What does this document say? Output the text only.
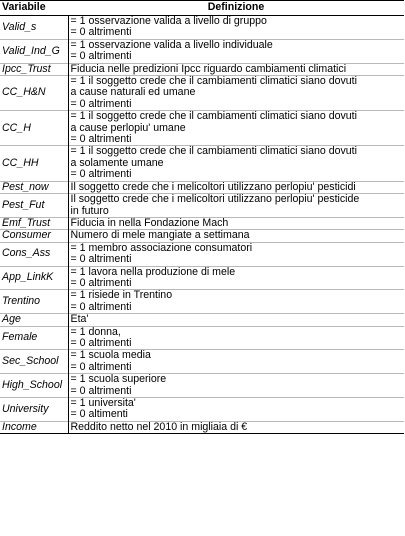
Variabile	Definizione
Valid_s	= 1 osservazione valida a livello di gruppo
= 0 altrimenti

Valid_Ind_G	= 1 osservazione valida a livello individuale
= 0 altrimenti

Ipcc_Trust	Fiducia nelle predizioni Ipcc riguardo cambiamenti climatici

CC_H&N	= 1 il soggetto crede che il cambiamenti climatici siano dovuti
a cause naturali ed umane
= 0 altrimenti

CC_H	= 1 il soggetto crede che il cambiamenti climatici siano dovuti
a cause perlopiu' umane
= 0 altrimenti

CC_HH	= 1 il soggetto crede che il cambiamenti climatici siano dovuti
a solamente umane
= 0 altrimenti

Pest_now	Il soggetto crede che i melicoltori utilizzano perlopiu' pesticidi

Pest_Fut	Il soggetto crede che i melicoltori utilizzano perlopiu' pesticide
in futuro

Emf_Trust	Fiducia in nella Fondazione Mach

Consumer	Numero di mele mangiate a settimana

Cons_Ass	= 1 membro associazione consumatori
= 0 altrimenti

App_LinkK	= 1 lavora nella produzione di mele
= 0 altrimenti

Trentino	= 1 risiede in Trentino
= 0 altrimenti

Age	Eta'

Female	= 1 donna,
= 0 altrimenti

Sec_School	= 1 scuola media
= 0 altrimenti

High_School	= 1 scuola superiore
= 0 altrimenti

University	= 1 universita'
= 0 altimenti

Income	Reddito netto nel 2010 in migliaia di €
